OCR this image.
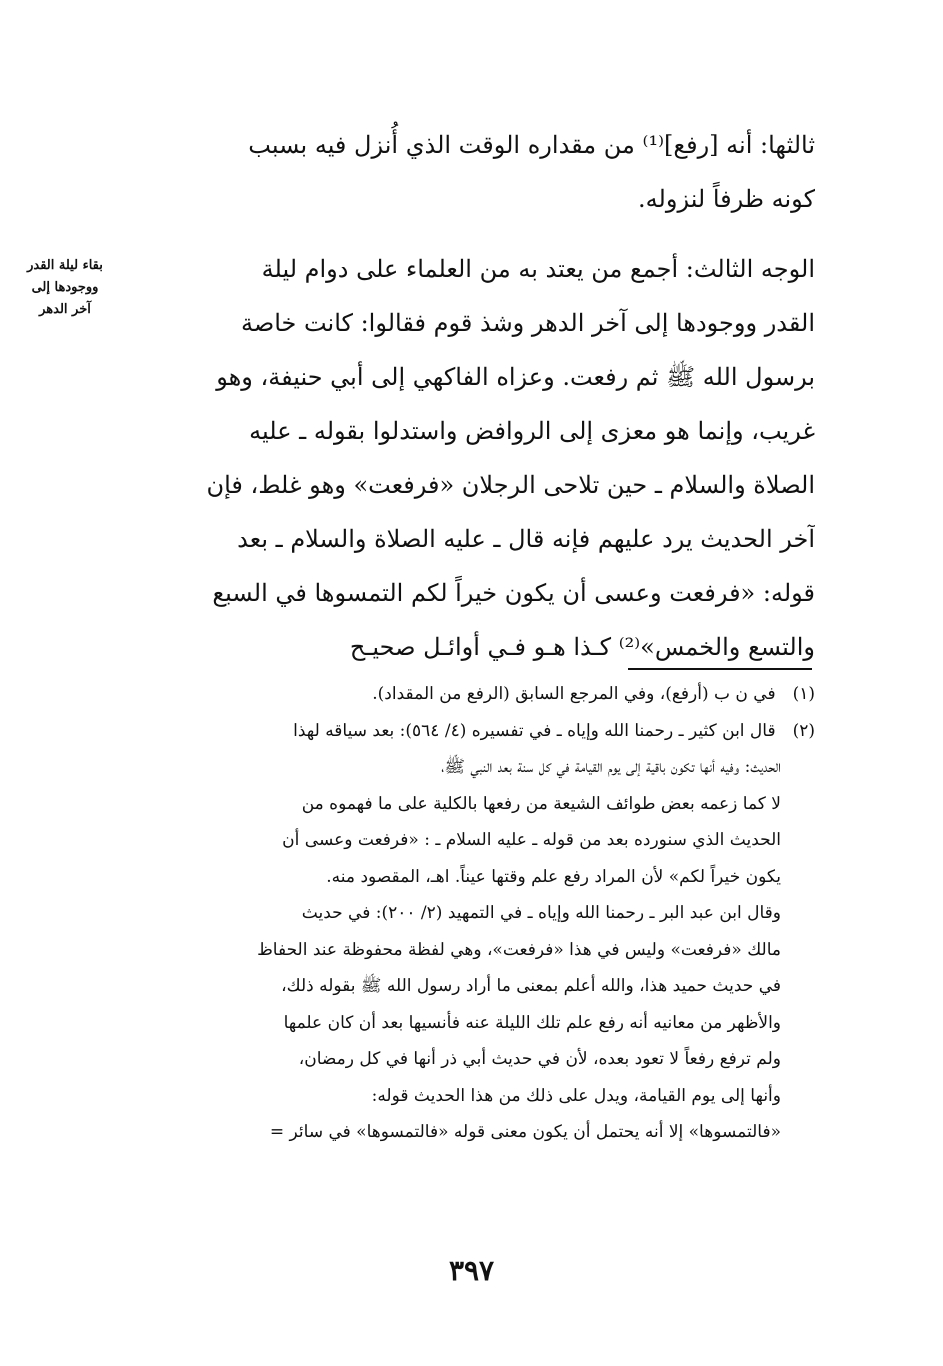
ثالثها: أنه [رفع]⁽¹⁾ من مقداره الوقت الذي أُنزل فيه بسبب
كونه ظرفاً لنزوله.
بقاء ليلة القدر
ووجودها إلى
آخر الدهر
الوجه الثالث: أجمع من يعتد به من العلماء على دوام ليلة
القدر ووجودها إلى آخر الدهر وشذ قوم فقالوا: كانت خاصة
برسول الله ﷺ ثم رفعت. وعزاه الفاكهي إلى أبي حنيفة، وهو
غريب، وإنما هو معزى إلى الروافض واستدلوا بقوله ـ عليه
الصلاة والسلام ـ حين تلاحى الرجلان «فرفعت» وهو غلط، فإن
آخر الحديث يرد عليهم فإنه قال ـ عليه الصلاة والسلام ـ بعد
قوله: «فرفعت وعسى أن يكون خيراً لكم التمسوها في السبع
والتسع والخمس»⁽²⁾ كـذا هـو فـي أوائـل صحيـح
(١) في ن ب (أرفع)، وفي المرجع السابق (الرفع من المقداد).
(٢) قال ابن كثير ـ رحمنا الله وإياه ـ في تفسيره (٤/ ٥٦٤): بعد سياقه لهذا
الحديث: وفيه أنها تكون باقية إلى يوم القيامة في كل سنة بعد النبي ﷺ،
لا كما زعمه بعض طوائف الشيعة من رفعها بالكلية على ما فهموه من
الحديث الذي سنورده بعد من قوله ـ عليه السلام ـ : «فرفعت وعسى أن
يكون خيراً لكم» لأن المراد رفع علم وقتها عيناً. اهـ، المقصود منه.
وقال ابن عبد البر ـ رحمنا الله وإياه ـ في التمهيد (٢/ ٢٠٠): في حديث
مالك «فرفعت» وليس في هذا «فرفعت»، وهي لفظة محفوظة عند الحفاظ
في حديث حميد هذا، والله أعلم بمعنى ما أراد رسول الله ﷺ بقوله ذلك،
والأظهر من معانيه أنه رفع علم تلك الليلة عنه فأنسيها بعد أن كان علمها
ولم ترفع رفعاً لا تعود بعده، لأن في حديث أبي ذر أنها في كل رمضان،
وأنها إلى يوم القيامة، ويدل على ذلك من هذا الحديث قوله:
«فالتمسوها» إلا أنه يحتمل أن يكون معنى قوله «فالتمسوها» في سائر =
٣٩٧
